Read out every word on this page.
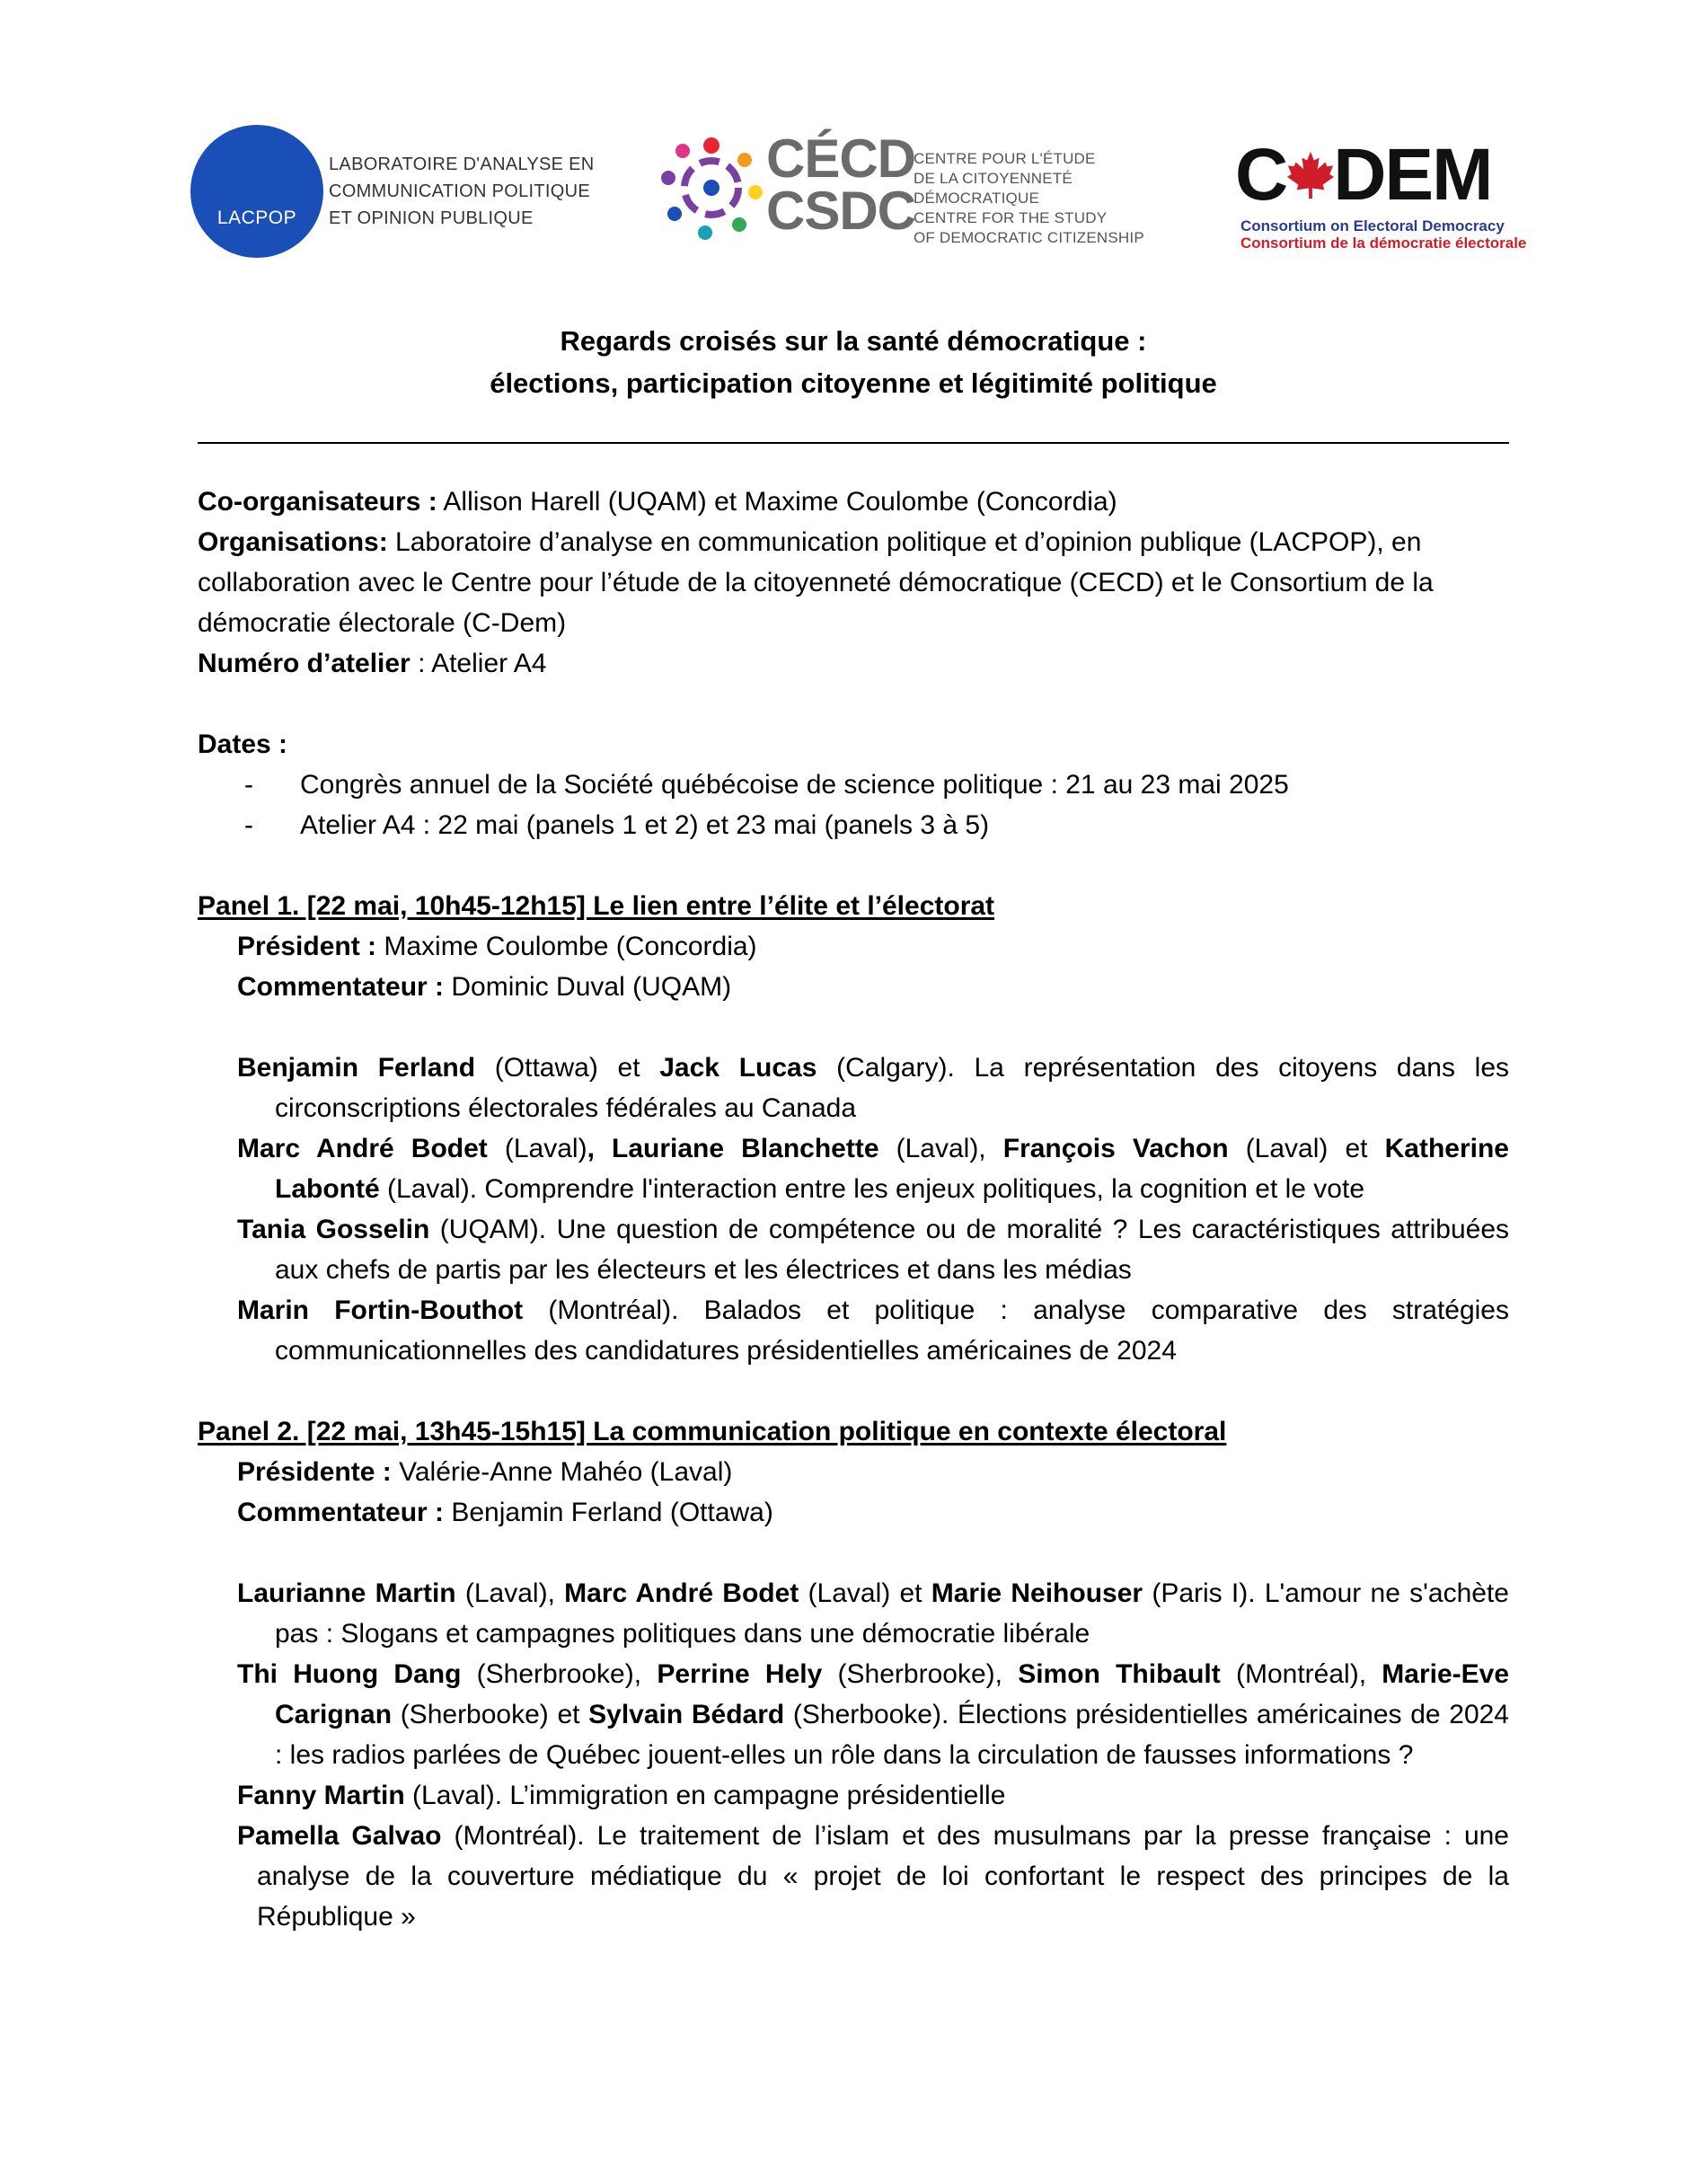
LACPOP
LABORATOIRE D'ANALYSE EN
COMMUNICATION POLITIQUE
ET OPINION PUBLIQUE
CÉCD
CSDC
CENTRE POUR L'ÉTUDE
DE LA CITOYENNETÉ DÉMOCRATIQUE
CENTRE FOR THE STUDY
OF DEMOCRATIC CITIZENSHIP
C DEM
Consortium on Electoral Democracy
Consortium de la démocratie électorale
Regards croisés sur la santé démocratique :
élections, participation citoyenne et légitimité politique

Co-organisateurs : Allison Harell (UQAM) et Maxime Coulombe (Concordia)

Organisations: Laboratoire d’analyse en communication politique et d’opinion publique (LACPOP), en collaboration avec le Centre pour l’étude de la citoyenneté démocratique (CECD) et le Consortium de la démocratie électorale (C-Dem)

Numéro d’atelier : Atelier A4

Dates :

- Congrès annuel de la Société québécoise de science politique : 21 au 23 mai 2025
- Atelier A4 : 22 mai (panels 1 et 2) et 23 mai (panels 3 à 5)

Panel 1. [22 mai, 10h45-12h15] Le lien entre l’élite et l’électorat

Président : Maxime Coulombe (Concordia)

Commentateur : Dominic Duval (UQAM)

Benjamin Ferland (Ottawa) et Jack Lucas (Calgary). La représentation des citoyens dans les circonscriptions électorales fédérales au Canada

Marc André Bodet (Laval), Lauriane Blanchette (Laval), François Vachon (Laval) et Katherine Labonté (Laval). Comprendre l'interaction entre les enjeux politiques, la cognition et le vote

Tania Gosselin (UQAM). Une question de compétence ou de moralité ? Les caractéristiques attribuées aux chefs de partis par les électeurs et les électrices et dans les médias

Marin Fortin-Bouthot (Montréal). Balados et politique : analyse comparative des stratégies communicationnelles des candidatures présidentielles américaines de 2024

Panel 2. [22 mai, 13h45-15h15] La communication politique en contexte électoral

Présidente : Valérie-Anne Mahéo (Laval)

Commentateur : Benjamin Ferland (Ottawa)

Laurianne Martin (Laval), Marc André Bodet (Laval) et Marie Neihouser (Paris I). L'amour ne s'achète pas : Slogans et campagnes politiques dans une démocratie libérale

Thi Huong Dang (Sherbrooke), Perrine Hely (Sherbrooke), Simon Thibault (Montréal), Marie-Eve Carignan (Sherbooke) et Sylvain Bédard (Sherbooke). Élections présidentielles américaines de 2024 : les radios parlées de Québec jouent-elles un rôle dans la circulation de fausses informations ?

Fanny Martin (Laval). L’immigration en campagne présidentielle

Pamella Galvao (Montréal). Le traitement de l’islam et des musulmans par la presse française : une analyse de la couverture médiatique du « projet de loi confortant le respect des principes de la République »
